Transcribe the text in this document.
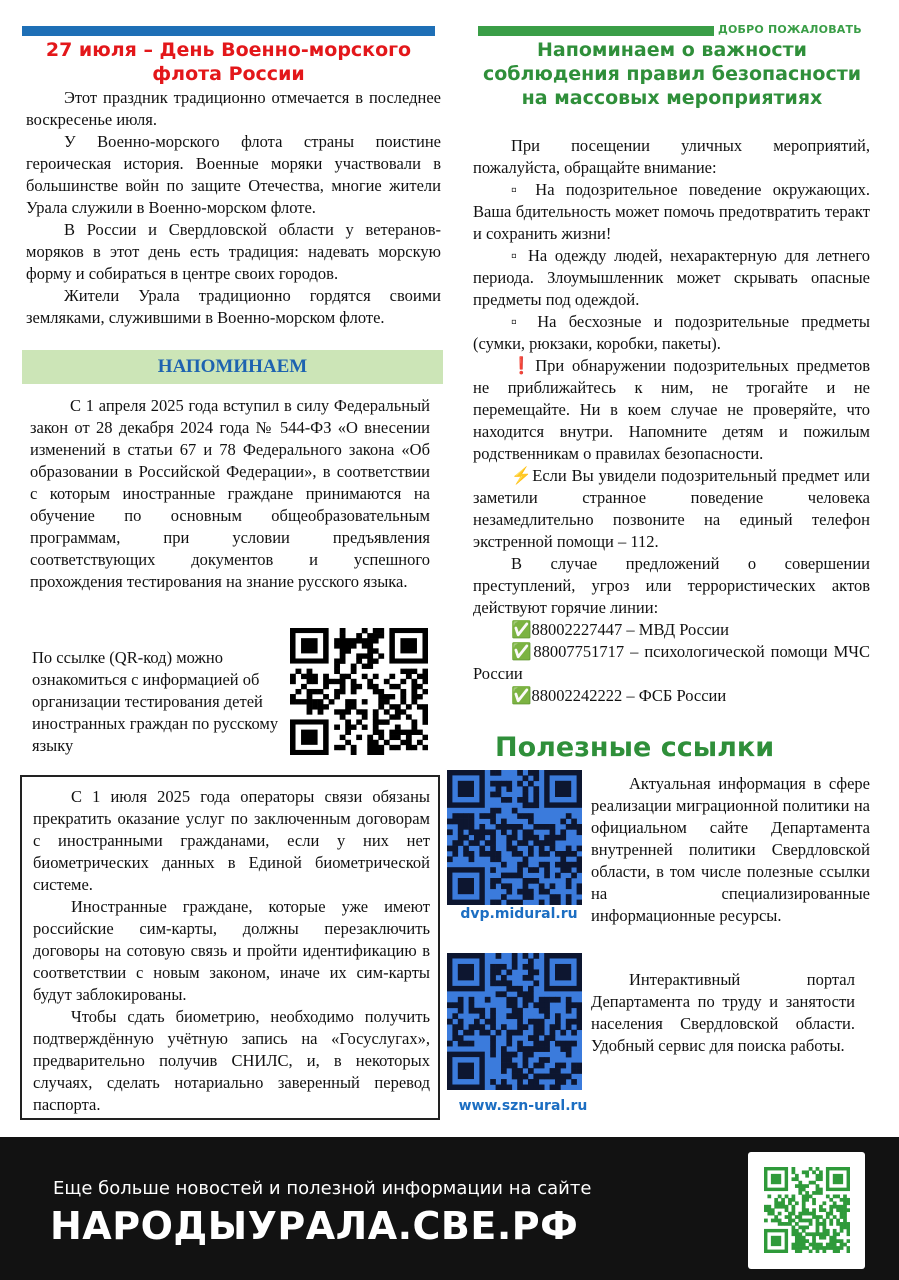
27 июля – День Военно-морского флота России

Этот праздник традиционно отмечается в последнее воскресенье июля.

У Военно-морского флота страны поистине героическая история. Военные моряки участвовали в большинстве войн по защите Отечества, многие жители Урала служили в Военно-морском флоте.

В России и Свердловской области у ветеранов-моряков в этот день есть традиция: надевать морскую форму и собираться в центре своих городов.

Жители Урала традиционно гордятся своими земляками, служившими в Военно-морском флоте.

НАПОМИНАЕМ

С 1 апреля 2025 года вступил в силу Федеральный закон от 28 декабря 2024 года № 544-ФЗ «О внесении изменений в статьи 67 и 78 Федерального закона «Об образовании в Российской Федерации», в соответствии с которым иностранные граждане принимаются на обучение по основным общеобразовательным программам, при условии предъявления соответствующих документов и успешного прохождения тестирования на знание русского языка.

По ссылке (QR-код) можно ознакомиться с информацией об организации тестирования детей иностранных граждан по русскому языку

С 1 июля 2025 года операторы связи обязаны прекратить оказание услуг по заключенным договорам с иностранными гражданами, если у них нет биометрических данных в Единой биометрической системе.

Иностранные граждане, которые уже имеют российские сим-карты, должны перезаключить договоры на сотовую связь и пройти идентификацию в соответствии с новым законом, иначе их сим-карты будут заблокированы.

Чтобы сдать биометрию, необходимо получить подтверждённую учётную запись на «Госуслугах», предварительно получив СНИЛС, и, в некоторых случаях, сделать нотариально заверенный перевод паспорта.

ДОБРО ПОЖАЛОВАТЬ
Напоминаем о важности соблюдения правил безопасности на массовых мероприятиях

При посещении уличных мероприятий, пожалуйста, обращайте внимание:

▫ На подозрительное поведение окружающих. Ваша бдительность может помочь предотвратить теракт и сохранить жизни!

▫ На одежду людей, нехарактерную для летнего периода. Злоумышленник может скрывать опасные предметы под одеждой.

▫ На бесхозные и подозрительные предметы (сумки, рюкзаки, коробки, пакеты).

❗При обнаружении подозрительных предметов не приближайтесь к ним, не трогайте и не перемещайте. Ни в коем случае не проверяйте, что находится внутри. Напомните детям и пожилым родственникам о правилах безопасности.

⚡Если Вы увидели подозрительный предмет или заметили странное поведение человека незамедлительно позвоните на единый телефон экстренной помощи – 112.

В случае предложений о совершении преступлений, угроз или террористических актов действуют горячие линии:

✅88002227447 – МВД России

✅88007751717 – психологической помощи МЧС России

✅88002242222 – ФСБ России

Полезные ссылки
dvp.midural.ru

Актуальная информация в сфере реализации миграционной политики на официальном сайте Департамента внутренней политики Свердловской области, в том числе полезные ссылки на специализированные информационные ресурсы.

www.szn-ural.ru

Интерактивный портал Департамента по труду и занятости населения Свердловской области. Удобный сервис для поиска работы.

Еще больше новостей и полезной информации на сайте
НАРОДЫУРАЛА.СВЕ.РФ
